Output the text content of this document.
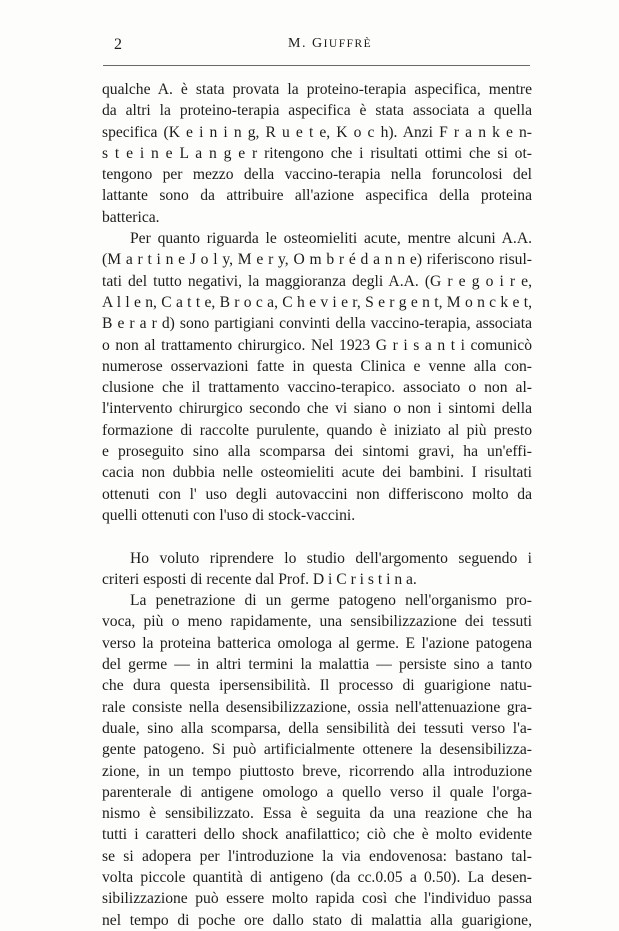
2	M. GIUFFRÈ
qualche A. è stata provata la proteino-terapia aspecifica, mentre
da altri la proteino-terapia aspecifica è stata associata a quella
specifica (K e i n i n g, R u e t e, K o c h). Anzi F r a n k e n-
s t e i n e L a n g e r ritengono che i risultati ottimi che si ot-
tengono per mezzo della vaccino-terapia nella foruncolosi del
lattante sono da attribuire all'azione aspecifica della proteina
batterica.
Per quanto riguarda le osteomieliti acute, mentre alcuni A.A.
(M a r t i n e J o l y, M e r y, O m b r é d a n n e) riferiscono risul-
tati del tutto negativi, la maggioranza degli A.A. (G r e g o i r e,
A l l e n, C a t t e, B r o c a, C h e v i e r, S e r g e n t, M o n c k e t,
B e r a r d) sono partigiani convinti della vaccino-terapia, associata
o non al trattamento chirurgico. Nel 1923 G r i s a n t i comunicò
numerose osservazioni fatte in questa Clinica e venne alla con-
clusione che il trattamento vaccino-terapico. associato o non al-
l'intervento chirurgico secondo che vi siano o non i sintomi della
formazione di raccolte purulente, quando è iniziato al più presto
e proseguito sino alla scomparsa dei sintomi gravi, ha un'effi-
cacia non dubbia nelle osteomieliti acute dei bambini. I risultati
ottenuti con l' uso degli autovaccini non differiscono molto da
quelli ottenuti con l'uso di stock-vaccini.
Ho voluto riprendere lo studio dell'argomento seguendo i
criteri esposti di recente dal Prof. D i C r i s t i n a.
La penetrazione di un germe patogeno nell'organismo pro-
voca, più o meno rapidamente, una sensibilizzazione dei tessuti
verso la proteina batterica omologa al germe. E l'azione patogena
del germe — in altri termini la malattia — persiste sino a tanto
che dura questa ipersensibilità. Il processo di guarigione natu-
rale consiste nella desensibilizzazione, ossia nell'attenuazione gra-
duale, sino alla scomparsa, della sensibilità dei tessuti verso l'a-
gente patogeno. Si può artificialmente ottenere la desensibilizza-
zione, in un tempo piuttosto breve, ricorrendo alla introduzione
parenterale di antigene omologo a quello verso il quale l'orga-
nismo è sensibilizzato. Essa è seguita da una reazione che ha
tutti i caratteri dello shock anafilattico; ciò che è molto evidente
se si adopera per l'introduzione la via endovenosa: bastano tal-
volta piccole quantità di antigeno (da cc.0.05 a 0.50). La desen-
sibilizzazione può essere molto rapida così che l'individuo passa
nel tempo di poche ore dallo stato di malattia alla guarigione,
